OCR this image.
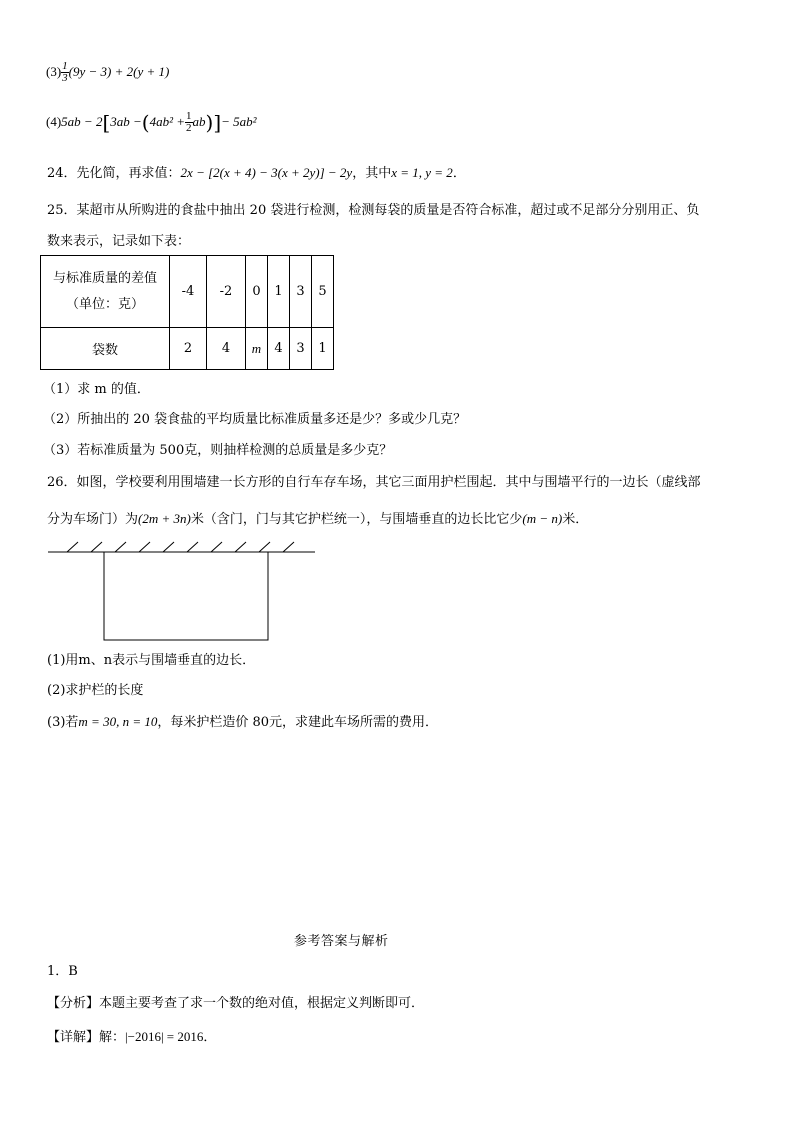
$(3) \frac{1}{3} (9y - 3) + 2(y + 1)$
$(4)5ab - 2[3ab -(4ab^2 + \frac{1}{2} ab)]- 5ab^2$
24．先化简，再求值：2x − [2(x + 4) − 3(x + 2y)] − 2y，其中x = 1, y = 2．
25．某超市从所购进的食盐中抽出 20 袋进行检测，检测每袋的质量是否符合标准，超过或不足部分分别用正、负
数来表示，记录如下表：
与标准质量的差值
（单位：克）	-4	-2	0	1	3	5
袋数	2	4	m	4	3	1
（1）求 m 的值．
（2）所抽出的 20 袋食盐的平均质量比标准质量多还是少？多或少几克？
（3）若标准质量为 500克，则抽样检测的总质量是多少克？
26．如图，学校要利用围墙建一长方形的自行车存车场，其它三面用护栏围起．其中与围墙平行的一边长（虚线部
分为车场门）为(2m + 3n)米（含门，门与其它护栏统一），与围墙垂直的边长比它少(m − n)米．
(1)用m、n表示与围墙垂直的边长．
(2)求护栏的长度
(3)若m = 30, n = 10，每米护栏造价 80元，求建此车场所需的费用．
参考答案与解析
1．B
【分析】本题主要考查了求一个数的绝对值，根据定义判断即可．
【详解】解：|−2016| = 2016．
